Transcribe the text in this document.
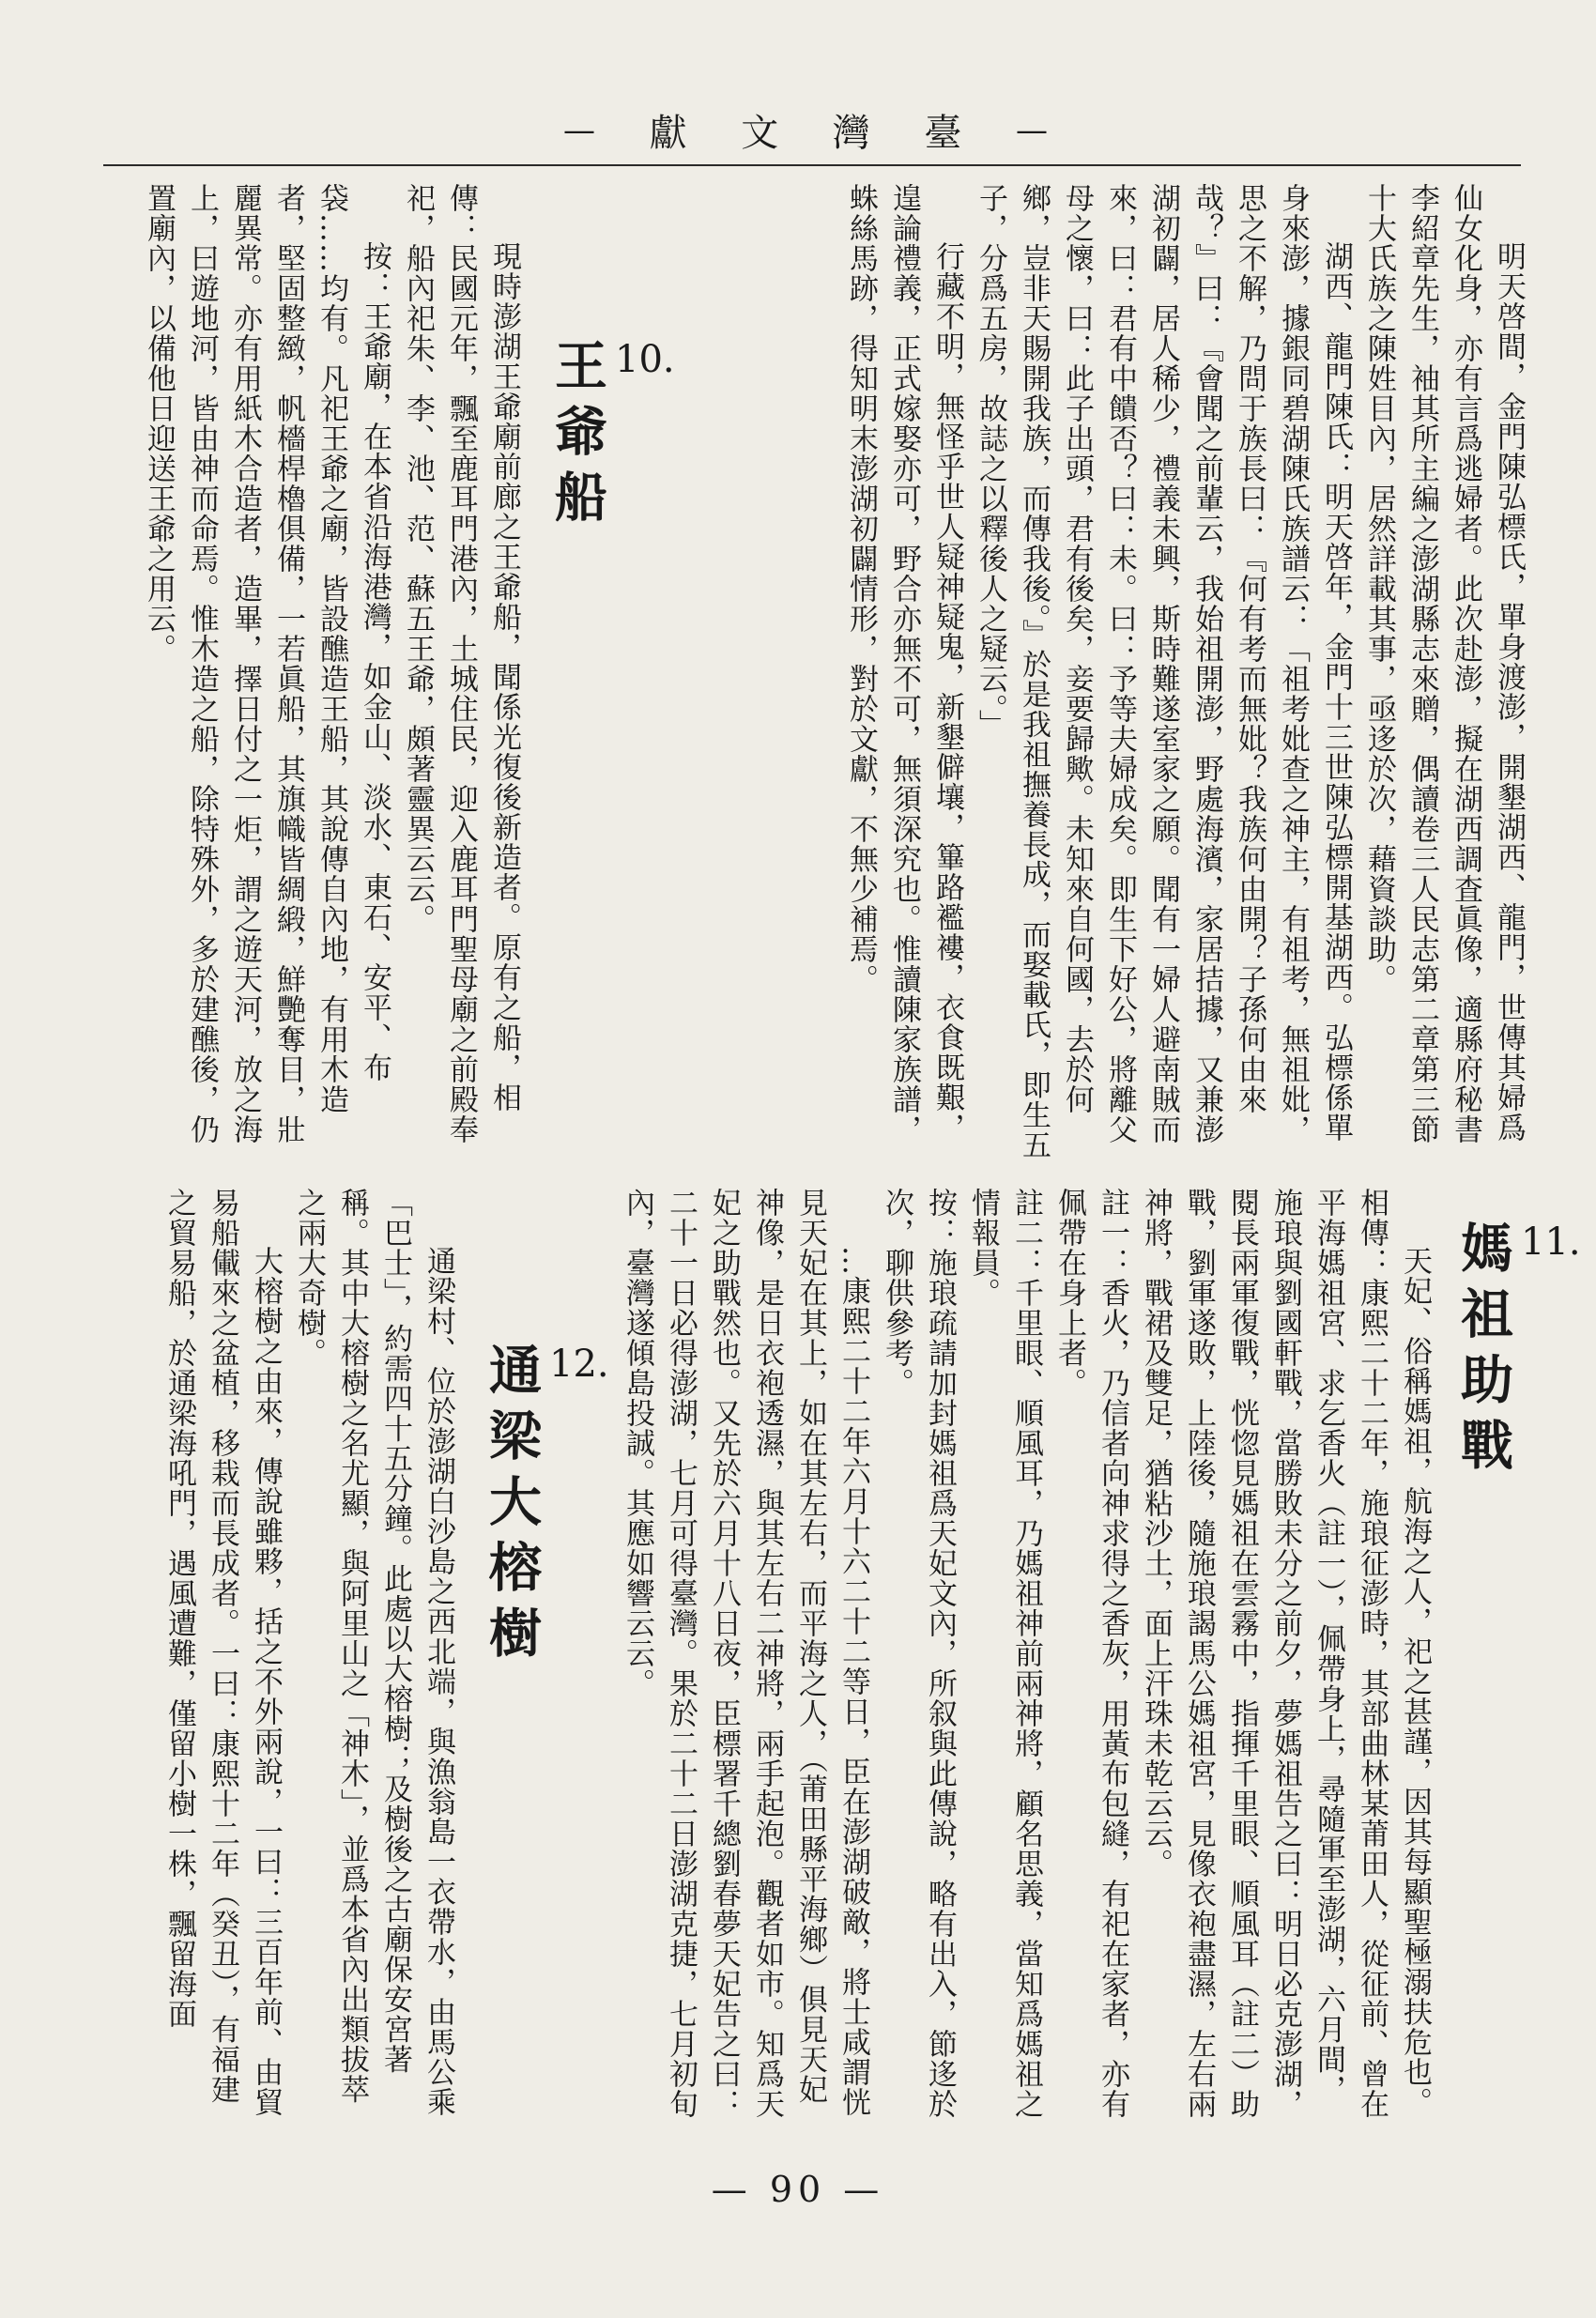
— 獻 文 灣 臺 —

明天啓間，金門陳弘標氏，單身渡澎，開墾湖西、龍門，世傳其婦爲仙女化身，亦有言爲逃婦者。此次赴澎，擬在湖西調査眞像，適縣府秘書李紹章先生，袖其所主編之澎湖縣志來贈，偶讀卷三人民志第二章第三節十大氏族之陳姓目內，居然詳載其事，亟迻於次，藉資談助。

湖西、龍門陳氏：明天啓年，金門十三世陳弘標開基湖西。弘標係單身來澎，據銀同碧湖陳氏族譜云：「祖考妣查之神主，有祖考，無祖妣，思之不解，乃問于族長曰：『何有考而無妣？我族何由開？子孫何由來哉？』曰：『會聞之前輩云，我始祖開澎，野處海濱，家居拮據，又兼澎湖初闢，居人稀少，禮義未興，斯時難遂室家之願。聞有一婦人避南賊而來，曰：君有中饋否？曰：未。曰：予等夫婦成矣。即生下好公，將離父母之懷，曰：此子出頭，君有後矣，妾要歸歟。未知來自何國，去於何鄉，豈非天賜開我族，而傳我後。』於是我祖撫養長成，而娶載氏，即生五子，分爲五房，故誌之以釋後人之疑云。」

行藏不明，無怪乎世人疑神疑鬼，新墾僻壤，篳路襤褸，衣食既艱，遑論禮義，正式嫁娶亦可，野合亦無不可，無須深究也。惟讀陳家族譜，蛛絲馬跡，得知明末澎湖初闢情形，對於文獻，不無少補焉。

10.
王爺船

現時澎湖王爺廟前廊之王爺船，聞係光復後新造者。原有之船，相傳：民國元年，飄至鹿耳門港內，土城住民，迎入鹿耳門聖母廟之前殿奉祀，船內祀朱、李、池、范、蘇五王爺，頗著靈異云云。

按：王爺廟，在本省沿海港灣，如金山、淡水、東石、安平、布袋……均有。凡祀王爺之廟，皆設醮造王船，其說傳自內地，有用木造者，堅固整緻，帆檣桿櫓俱備，一若眞船，其旗幟皆綢緞，鮮艷奪目，壯麗異常。亦有用紙木合造者，造畢，擇日付之一炬，謂之遊天河，放之海上，曰遊地河，皆由神而命焉。惟木造之船，除特殊外，多於建醮後，仍置廟內，以備他日迎送王爺之用云。

11.
媽祖助戰

天妃、俗稱媽祖，航海之人，祀之甚謹，因其每顯聖極溺扶危也。相傳：康熙二十二年，施琅征澎時，其部曲林某莆田人，從征前、曾在平海媽祖宮、求乞香火（註一），佩帶身上，尋隨軍至澎湖，六月間，施琅與劉國軒戰，當勝敗未分之前夕，夢媽祖告之曰：明日必克澎湖，閱長兩軍復戰，恍惚見媽祖在雲霧中，指揮千里眼、順風耳（註二）助戰，劉軍遂敗，上陸後，隨施琅謁馬公媽祖宮，見像衣袍盡濕，左右兩神將，戰裙及雙足，猶粘沙土，面上汗珠未乾云云。

註一：香火，乃信者向神求得之香灰，用黃布包縫，有祀在家者，亦有佩帶在身上者。

註二：千里眼、順風耳，乃媽祖神前兩神將，顧名思義，當知爲媽祖之情報員。

按：施琅疏請加封媽祖爲天妃文內，所叙與此傳說，略有出入，節迻於次，聊供參考。

…康熙二十二年六月十六二十二等日，臣在澎湖破敵，將士咸謂恍見天妃在其上，如在其左右，而平海之人，（莆田縣平海鄉）俱見天妃神像，是日衣袍透濕，與其左右二神將，兩手起泡。觀者如市。知爲天妃之助戰然也。又先於六月十八日夜，臣標署千總劉春夢天妃告之曰：二十一日必得澎湖，七月可得臺灣。果於二十二日澎湖克捷，七月初旬內，臺灣遂傾島投誠。其應如響云云。

12.
通梁大榕樹

通梁村、位於澎湖白沙島之西北端，與漁翁島一衣帶水，由馬公乘「巴士」，約需四十五分鐘。此處以大榕樹；及樹後之古廟保安宮著稱。其中大榕樹之名尤顯，與阿里山之「神木」，並爲本省內出類拔萃之兩大奇樹。

大榕樹之由來，傳說雖夥，括之不外兩說，一曰：三百年前、由貿易船儎來之盆植，移栽而長成者。一曰：康熙十二年（癸丑），有福建之貿易船，於通梁海吼門，遇風遭難，僅留小樹一株，飄留海面

— 90 —
